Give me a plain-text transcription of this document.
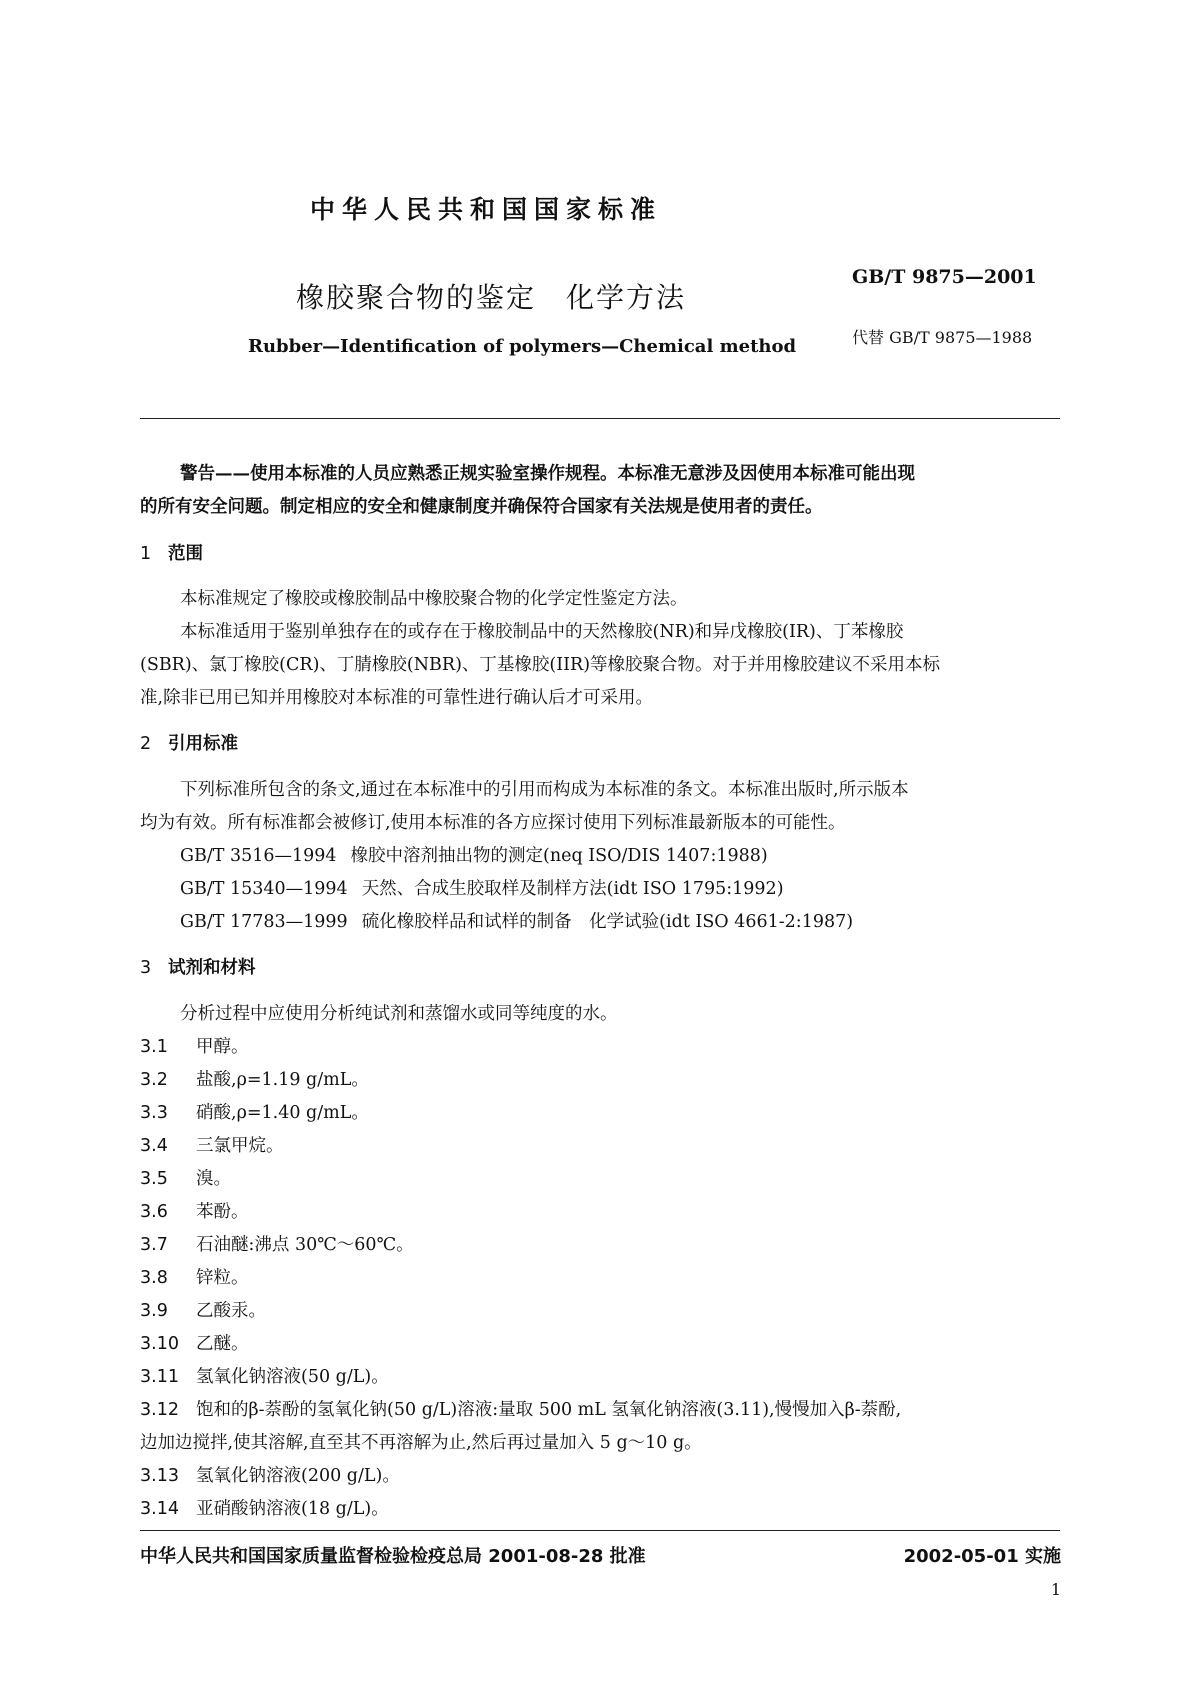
中华人民共和国国家标准
橡胶聚合物的鉴定　化学方法
Rubber—Identification of polymers—Chemical method
GB/T 9875—2001
代替 GB/T 9875—1988
警告——使用本标准的人员应熟悉正规实验室操作规程。本标准无意涉及因使用本标准可能出现
的所有安全问题。制定相应的安全和健康制度并确保符合国家有关法规是使用者的责任。
1 范围
本标准规定了橡胶或橡胶制品中橡胶聚合物的化学定性鉴定方法。
本标准适用于鉴别单独存在的或存在于橡胶制品中的天然橡胶(NR)和异戊橡胶(IR)、丁苯橡胶
(SBR)、氯丁橡胶(CR)、丁腈橡胶(NBR)、丁基橡胶(IIR)等橡胶聚合物。对于并用橡胶建议不采用本标
准,除非已用已知并用橡胶对本标准的可靠性进行确认后才可采用。
2 引用标准
下列标准所包含的条文,通过在本标准中的引用而构成为本标准的条文。本标准出版时,所示版本
均为有效。所有标准都会被修订,使用本标准的各方应探讨使用下列标准最新版本的可能性。
GB/T 3516—1994 橡胶中溶剂抽出物的测定(neq ISO/DIS 1407:1988)
GB/T 15340—1994 天然、合成生胶取样及制样方法(idt ISO 1795:1992)
GB/T 17783—1999 硫化橡胶样品和试样的制备　化学试验(idt ISO 4661-2:1987)
3 试剂和材料
分析过程中应使用分析纯试剂和蒸馏水或同等纯度的水。
3.1 甲醇。
3.2 盐酸,ρ=1.19 g/mL。
3.3 硝酸,ρ=1.40 g/mL。
3.4 三氯甲烷。
3.5 溴。
3.6 苯酚。
3.7 石油醚:沸点 30℃～60℃。
3.8 锌粒。
3.9 乙酸汞。
3.10 乙醚。
3.11 氢氧化钠溶液(50 g/L)。
3.12 饱和的β-萘酚的氢氧化钠(50 g/L)溶液:量取 500 mL 氢氧化钠溶液(3.11),慢慢加入β-萘酚,
边加边搅拌,使其溶解,直至其不再溶解为止,然后再过量加入 5 g～10 g。
3.13 氢氧化钠溶液(200 g/L)。
3.14 亚硝酸钠溶液(18 g/L)。
中华人民共和国国家质量监督检验检疫总局 2001-08-28 批准	2002-05-01 实施
1
